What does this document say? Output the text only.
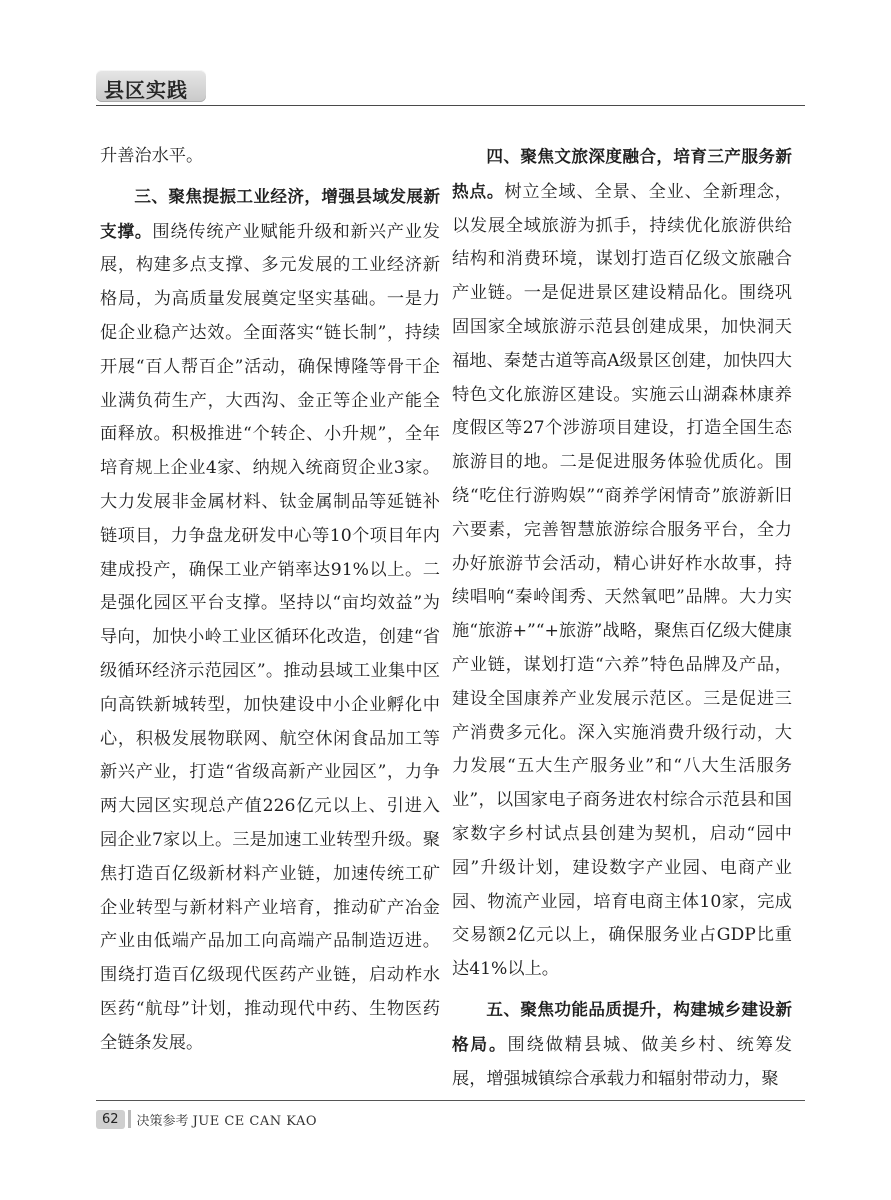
县区实践

升善治水平。

三、聚焦提振工业经济，增强县域发展新支撑。围绕传统产业赋能升级和新兴产业发展，构建多点支撑、多元发展的工业经济新格局，为高质量发展奠定坚实基础。一是力促企业稳产达效。全面落实“链长制”，持续开展“百人帮百企”活动，确保博隆等骨干企业满负荷生产，大西沟、金正等企业产能全面释放。积极推进“个转企、小升规”，全年培育规上企业4家、纳规入统商贸企业3家。大力发展非金属材料、钛金属制品等延链补链项目，力争盘龙研发中心等10个项目年内建成投产，确保工业产销率达91%以上。二是强化园区平台支撑。坚持以“亩均效益”为导向，加快小岭工业区循环化改造，创建“省级循环经济示范园区”。推动县域工业集中区向高铁新城转型，加快建设中小企业孵化中心，积极发展物联网、航空休闲食品加工等新兴产业，打造“省级高新产业园区”，力争两大园区实现总产值226亿元以上、引进入园企业7家以上。三是加速工业转型升级。聚焦打造百亿级新材料产业链，加速传统工矿企业转型与新材料产业培育，推动矿产冶金产业由低端产品加工向高端产品制造迈进。围绕打造百亿级现代医药产业链，启动柞水医药“航母”计划，推动现代中药、生物医药全链条发展。

四、聚焦文旅深度融合，培育三产服务新热点。树立全域、全景、全业、全新理念，以发展全域旅游为抓手，持续优化旅游供给结构和消费环境，谋划打造百亿级文旅融合产业链。一是促进景区建设精品化。围绕巩固国家全域旅游示范县创建成果，加快洞天福地、秦楚古道等高A级景区创建，加快四大特色文化旅游区建设。实施云山湖森林康养度假区等27个涉游项目建设，打造全国生态旅游目的地。二是促进服务体验优质化。围绕“吃住行游购娱”“商养学闲情奇”旅游新旧六要素，完善智慧旅游综合服务平台，全力办好旅游节会活动，精心讲好柞水故事，持续唱响“秦岭闺秀、天然氧吧”品牌。大力实施“旅游+”“+旅游”战略，聚焦百亿级大健康产业链，谋划打造“六养”特色品牌及产品，建设全国康养产业发展示范区。三是促进三产消费多元化。深入实施消费升级行动，大力发展“五大生产服务业”和“八大生活服务业”，以国家电子商务进农村综合示范县和国家数字乡村试点县创建为契机，启动“园中园”升级计划，建设数字产业园、电商产业园、物流产业园，培育电商主体10家，完成交易额2亿元以上，确保服务业占GDP比重达41%以上。

五、聚焦功能品质提升，构建城乡建设新格局。围绕做精县城、做美乡村、统筹发展，增强城镇综合承载力和辐射带动力，聚

62	决策参考 JUE CE CAN KAO
